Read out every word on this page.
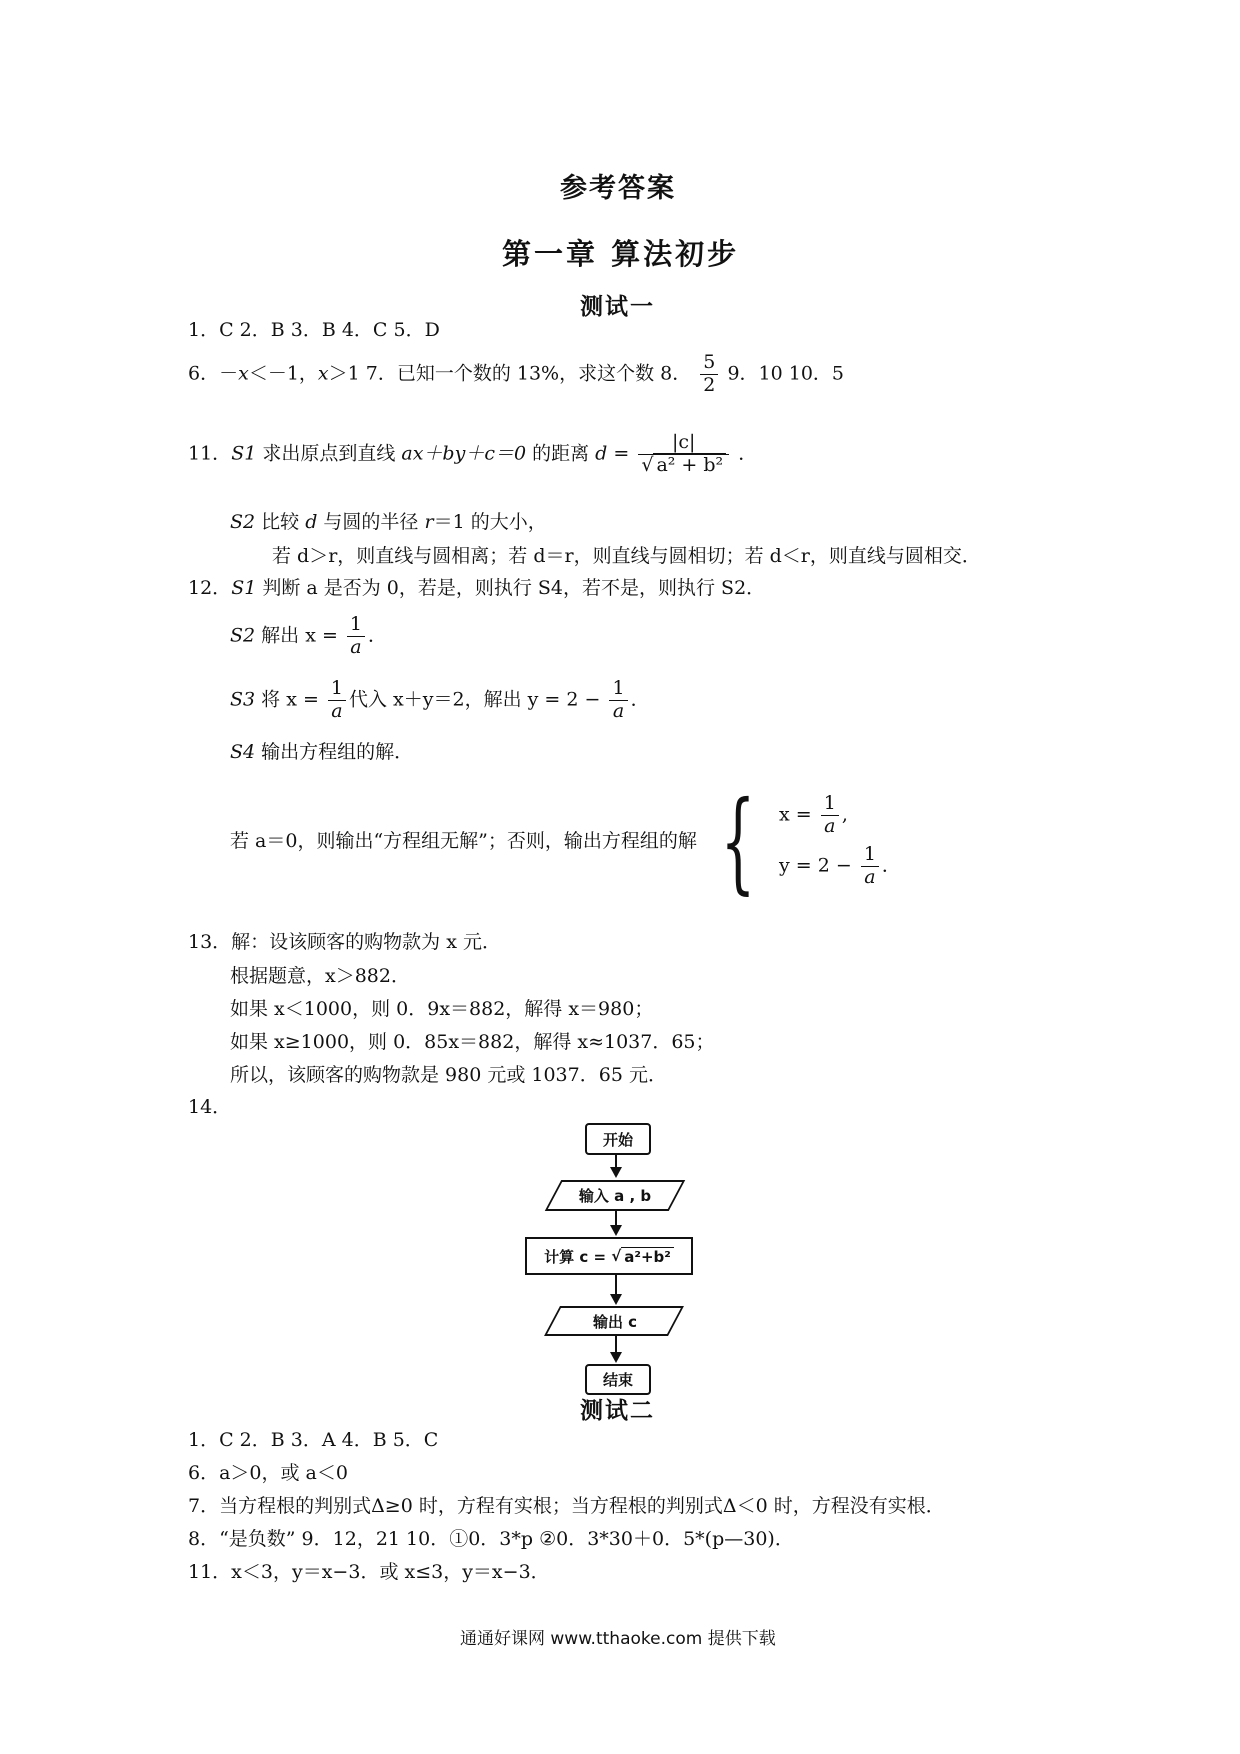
参考答案
第一章 算法初步
测试一
1．C 2．B 3．B 4．C 5．D
6．－x＜－1，x＞1 7．已知一个数的 13%，求这个数 8． $\frac{5}{2} 9$．10 10．5
11．S1 求出原点到直线 ax＋by＋c＝0 的距离 $d = \frac{|c|}{\text{√ a² + b²}}$ ．
S2 比较 d 与圆的半径 r＝1 的大小，
若 d＞r，则直线与圆相离；若 d＝r，则直线与圆相切；若 d＜r，则直线与圆相交．
12．S1 判断 a 是否为 0，若是，则执行 S4，若不是，则执行 S2．
S2 解出 $x = \frac{1}{a}$ ．
S3 将 $x = \frac{1}{a}$ 代入 x＋y＝2，解出 $y = 2 - \frac{1}{a}$ ．
S4 输出方程组的解．
若 a＝0，则输出“方程组无解”；否则，输出方程组的解 { $x = \frac{1}{a}$ ,
$y = 2 - \frac{1}{a}$ ．
13．解：设该顾客的购物款为 x 元．
根据题意，x＞882．
如果 x＜1000，则 0．9x＝882，解得 x＝980；
如果 x≥1000，则 0．85x＝882，解得 x≈1037．65；
所以，该顾客的购物款是 980 元或 1037．65 元．
14．
开始
输入 a , b
计算 c = √ a²+b²
输出 c
结束
测试二
1．C 2．B 3．A 4．B 5．C
6．a＞0，或 a＜0
7．当方程根的判别式Δ≥0 时，方程有实根；当方程根的判别式Δ＜0 时，方程没有实根．
8．“是负数” 9．12，21 10．①0．3*p ②0．3*30＋0．5*(p—30)．
11．x＜3，y＝x−3．或 x≤3，y＝x−3．
通通好课网 www.tthaoke.com 提供下载
